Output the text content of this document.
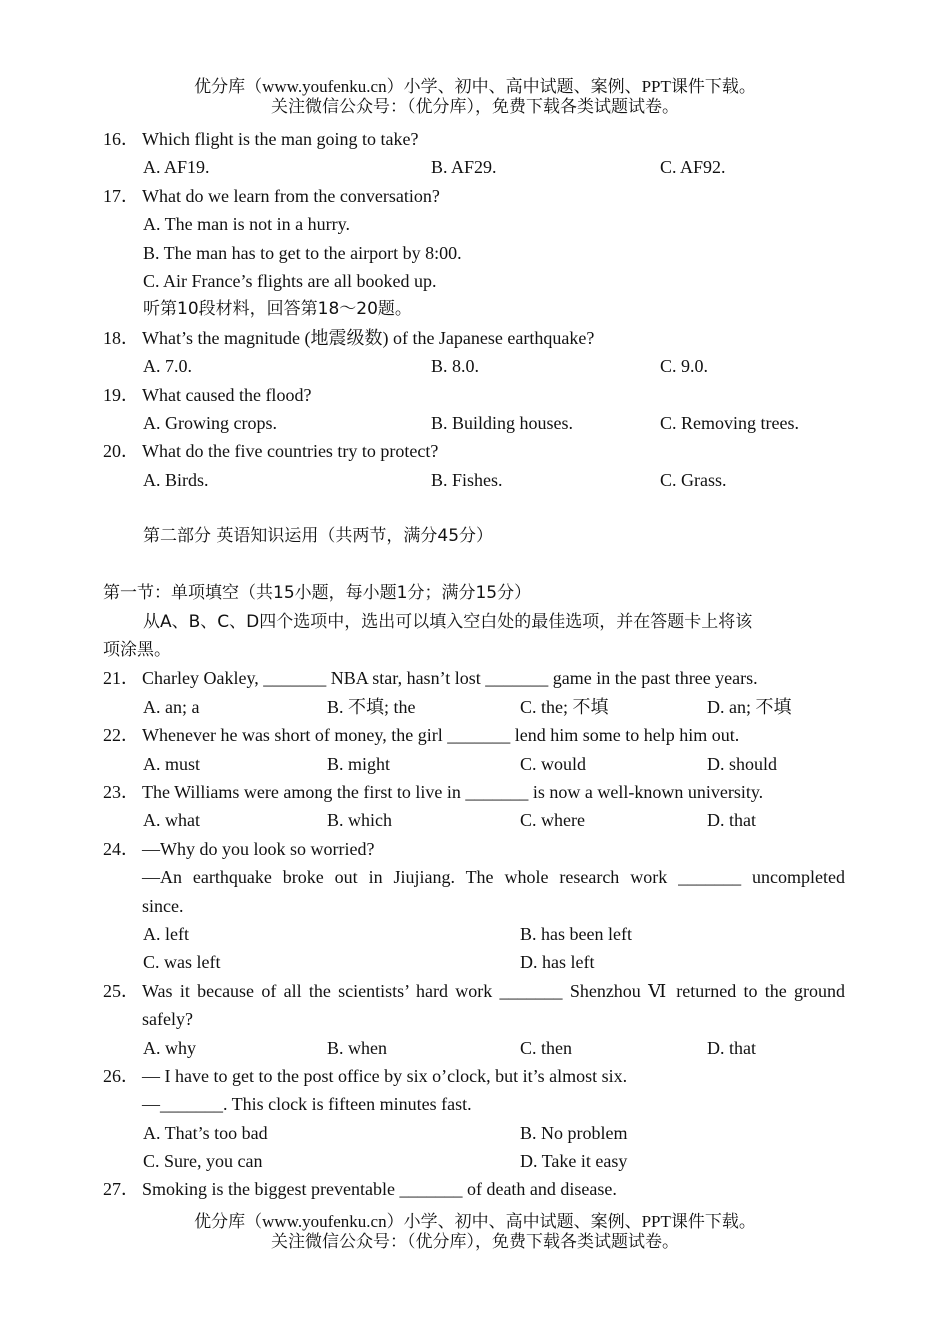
优分库（www.youfenku.cn）小学、初中、高中试题、案例、PPT课件下载。
关注微信公众号：（优分库），免费下载各类试题试卷。
16． Which flight is the man going to take?
A. AF19.	B. AF29.	C. AF92.
17． What do we learn from the conversation?
A. The man is not in a hurry.
B. The man has to get to the airport by 8:00.
C. Air France’s flights are all booked up.
听第10段材料，回答第18～20题。
18． What’s the magnitude (地震级数) of the Japanese earthquake?
A. 7.0.	B. 8.0.	C. 9.0.
19． What caused the flood?
A. Growing crops.	B. Building houses.	C. Removing trees.
20． What do the five countries try to protect?
A. Birds.	B. Fishes.	C. Grass.
第二部分 英语知识运用（共两节，满分45分）
第一节：单项填空（共15小题，每小题1分；满分15分）
从A、B、C、D四个选项中，选出可以填入空白处的最佳选项，并在答题卡上将该
项涂黑。
21． Charley Oakley, _______ NBA star, hasn’t lost _______ game in the past three years.
A. an; a	B. 不填; the	C. the; 不填	D. an; 不填
22． Whenever he was short of money, the girl _______ lend him some to help him out.
A. must	B. might	C. would	D. should
23． The Williams were among the first to live in _______ is now a well-known university.
A. what	B. which	C. where	D. that
24． —Why do you look so worried?
—An earthquake broke out in Jiujiang. The whole research work _______ uncompleted
since.
A. left	B. has been left
C. was left	D. has left
25． Was it because of all the scientists’ hard work _______ Shenzhou Ⅵ returned to the ground
safely?
A. why	B. when	C. then	D. that
26． — I have to get to the post office by six o’clock, but it’s almost six.
—_______. This clock is fifteen minutes fast.
A. That’s too bad	B. No problem
C. Sure, you can	D. Take it easy
27． Smoking is the biggest preventable _______ of death and disease.
优分库（www.youfenku.cn）小学、初中、高中试题、案例、PPT课件下载。
关注微信公众号：（优分库），免费下载各类试题试卷。
